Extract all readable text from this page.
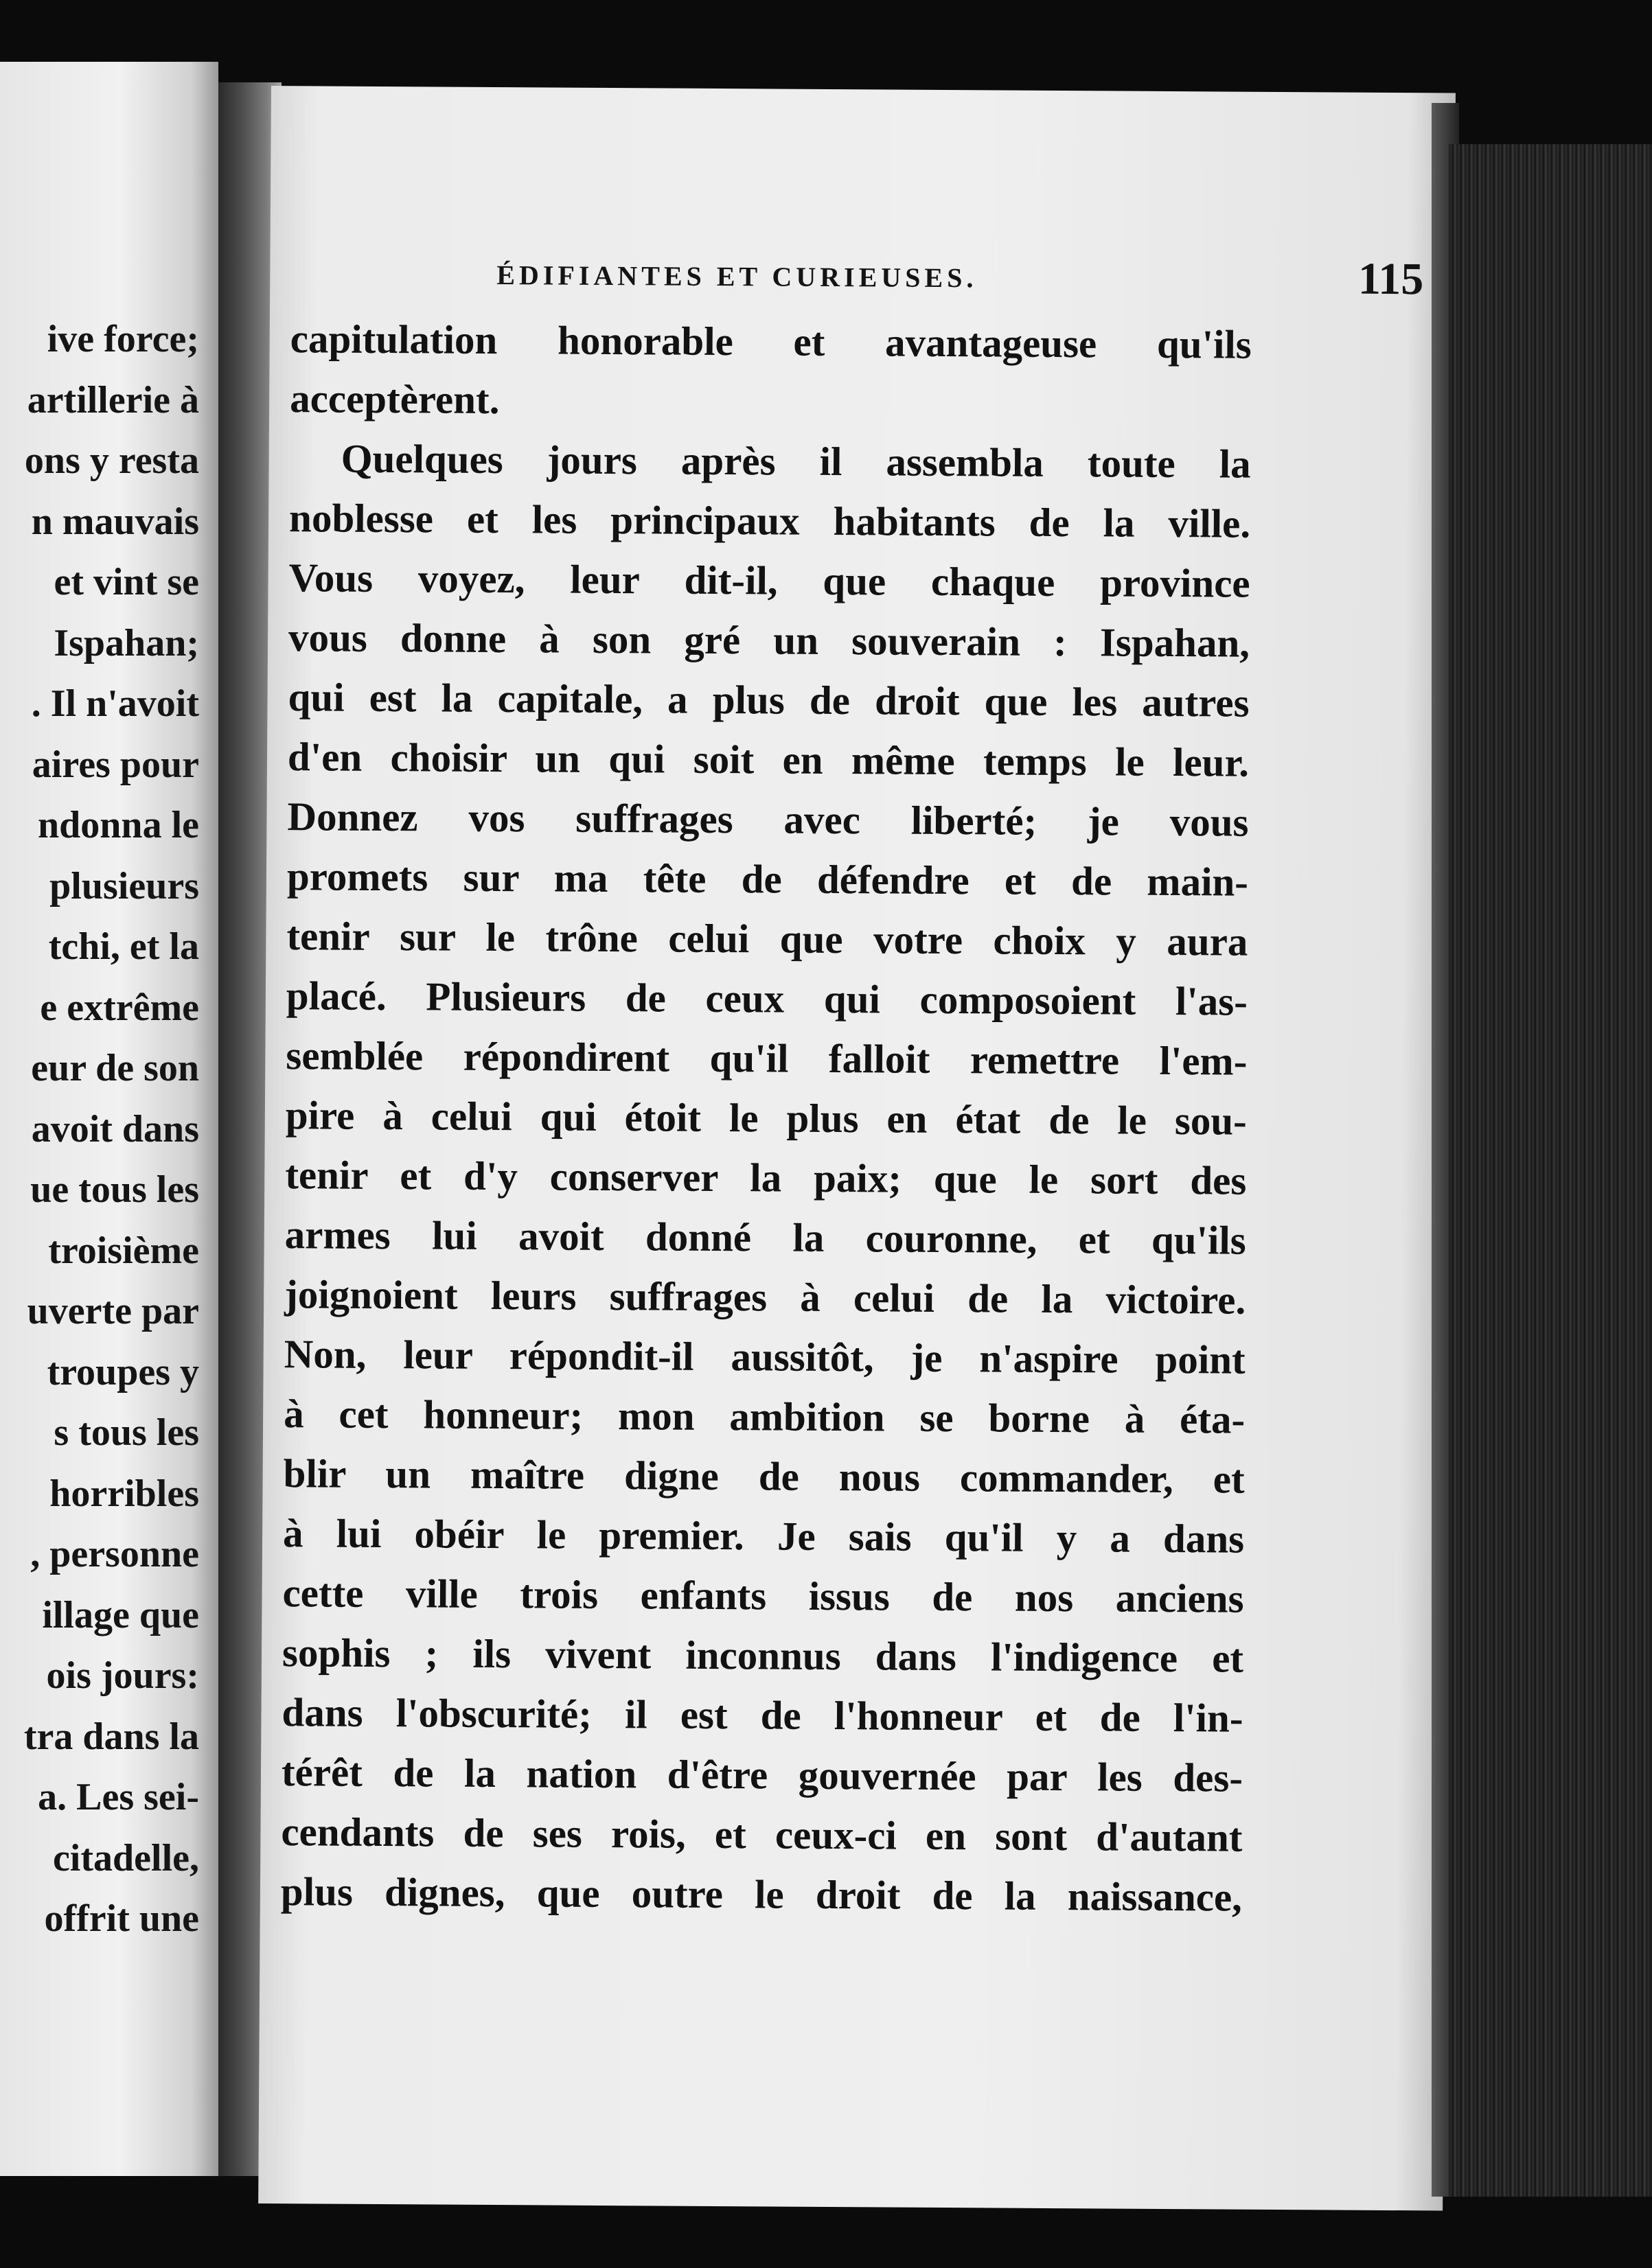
ive force;
artillerie à
ons y resta
n mauvais
et vint se
Ispahan;
. Il n'avoit
aires pour
ndonna le
plusieurs
tchi, et la
e extrême
eur de son
avoit dans
ue tous les
troisième
uverte par
troupes y
s tous les
horribles
, personne
illage que
ois jours:
tra dans la
a. Les sei-
citadelle,
offrit une
ÉDIFIANTES ET CURIEUSES.	115
capitulation honorable et avantageuse qu'ils
acceptèrent.
Quelques jours après il assembla toute la
noblesse et les principaux habitants de la ville.
Vous voyez, leur dit-il, que chaque province
vous donne à son gré un souverain : Ispahan,
qui est la capitale, a plus de droit que les autres
d'en choisir un qui soit en même temps le leur.
Donnez vos suffrages avec liberté; je vous
promets sur ma tête de défendre et de main-
tenir sur le trône celui que votre choix y aura
placé. Plusieurs de ceux qui composoient l'as-
semblée répondirent qu'il falloit remettre l'em-
pire à celui qui étoit le plus en état de le sou-
tenir et d'y conserver la paix; que le sort des
armes lui avoit donné la couronne, et qu'ils
joignoient leurs suffrages à celui de la victoire.
Non, leur répondit-il aussitôt, je n'aspire point
à cet honneur; mon ambition se borne à éta-
blir un maître digne de nous commander, et
à lui obéir le premier. Je sais qu'il y a dans
cette ville trois enfants issus de nos anciens
sophis ; ils vivent inconnus dans l'indigence et
dans l'obscurité; il est de l'honneur et de l'in-
térêt de la nation d'être gouvernée par les des-
cendants de ses rois, et ceux-ci en sont d'autant
plus dignes, que outre le droit de la naissance,
